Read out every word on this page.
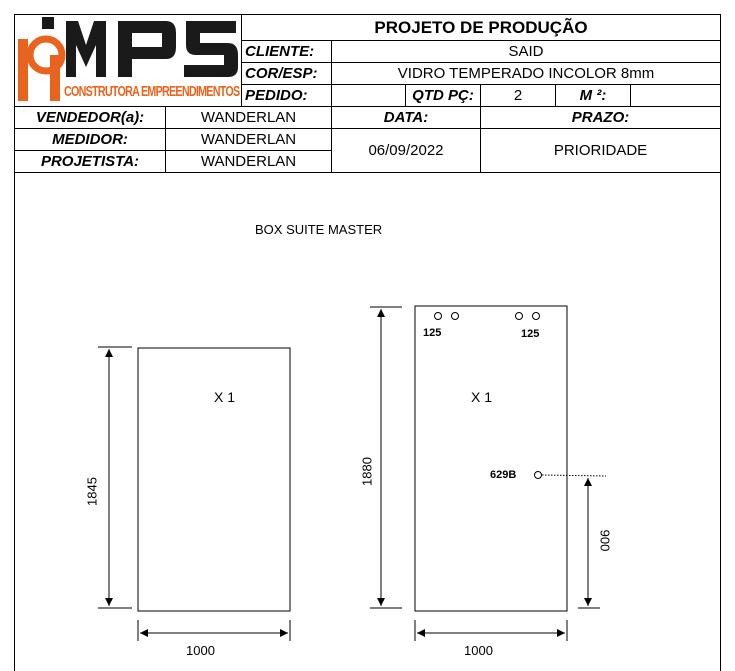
CONSTRUTORA EMPREENDIMENTOS
PROJETO DE PRODUÇÃO
CLIENTE:	SAID
COR/ESP:	VIDRO TEMPERADO INCOLOR 8mm
PEDIDO:	QTD PÇ:	2	M ²:
VENDEDOR(a):	WANDERLAN	DATA:	PRAZO:
MEDIDOR:	WANDERLAN
06/09/2022	PRIORIDADE
PROJETISTA:	WANDERLAN
BOX SUITE MASTER
X 1
1845
1000
X 1
1880
1000
125	125
629B
900
